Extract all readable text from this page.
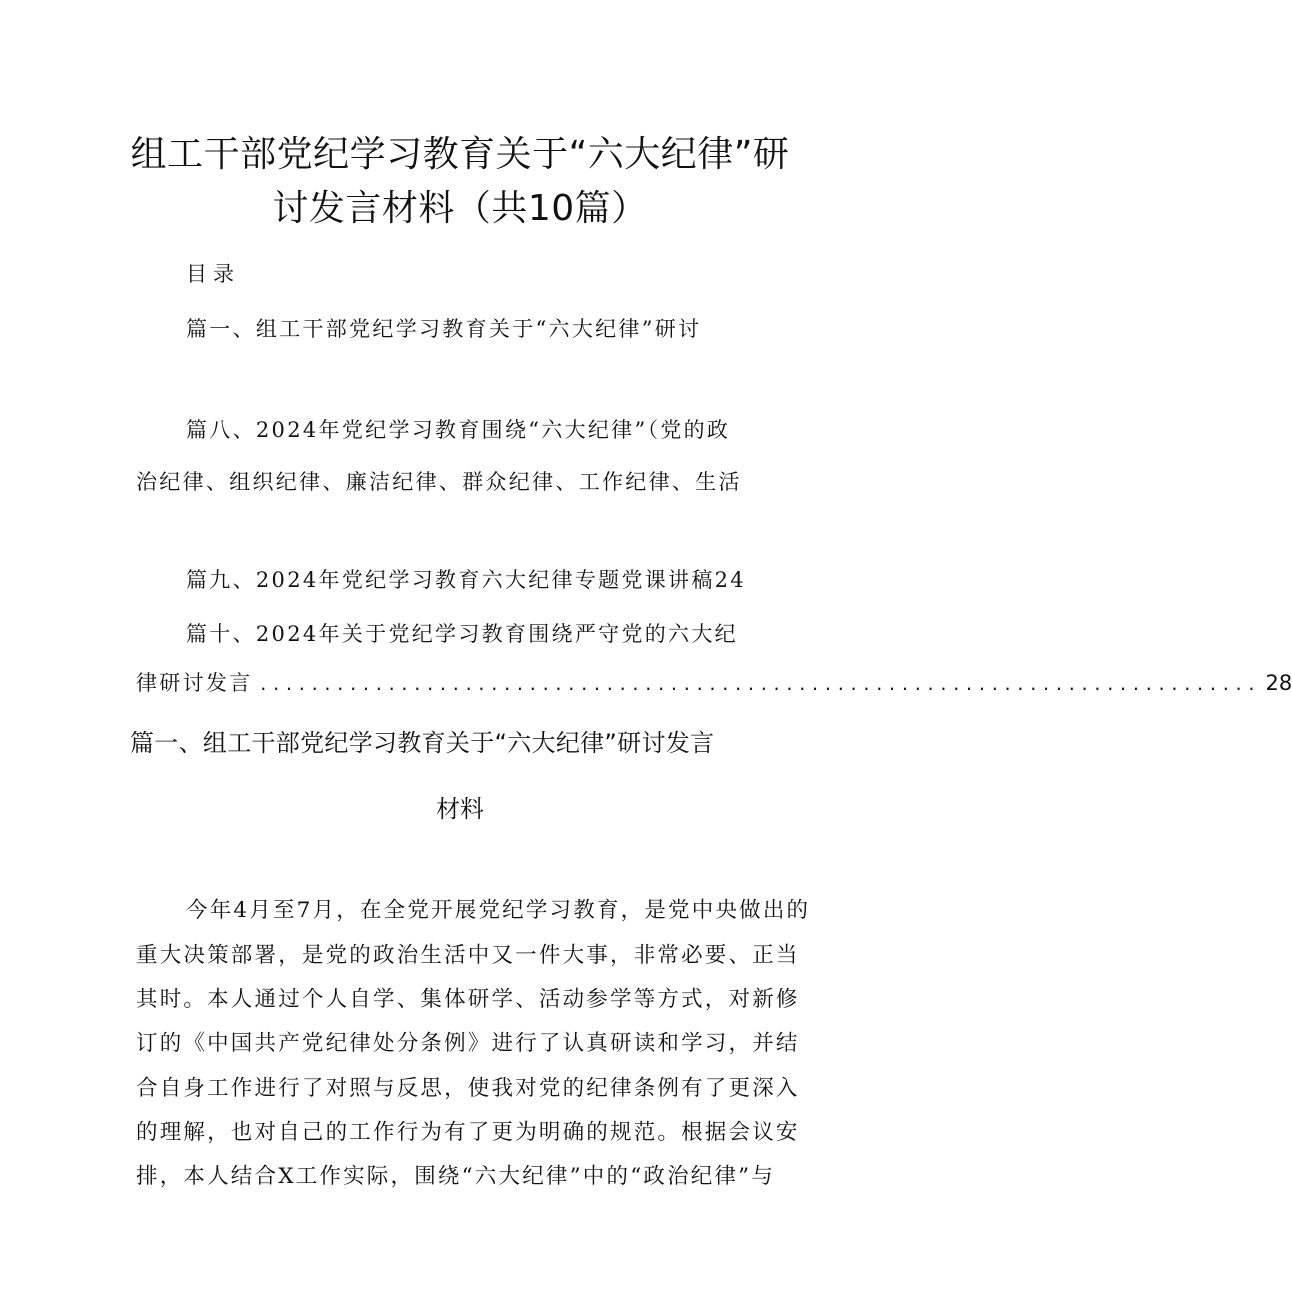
组工干部党纪学习教育关于“六大纪律”研
讨发言材料（共10篇）

目录

篇一、组工干部党纪学习教育关于“六大纪律”研讨

篇八、2024年党纪学习教育围绕“六大纪律”（党的政

治纪律、组织纪律、廉洁纪律、群众纪律、工作纪律、生活

篇九、2024年党纪学习教育六大纪律专题党课讲稿24

篇十、2024年关于党纪学习教育围绕严守党的六大纪

律研讨发言 .............................................................................. 28
篇一、组工干部党纪学习教育关于“六大纪律”研讨发言

材料

今年4月至7月，在全党开展党纪学习教育，是党中央做出的

重大决策部署，是党的政治生活中又一件大事，非常必要、正当

其时。本人通过个人自学、集体研学、活动参学等方式，对新修

订的《中国共产党纪律处分条例》进行了认真研读和学习，并结

合自身工作进行了对照与反思，使我对党的纪律条例有了更深入

的理解，也对自己的工作行为有了更为明确的规范。根据会议安

排，本人结合X工作实际，围绕“六大纪律”中的“政治纪律”与
